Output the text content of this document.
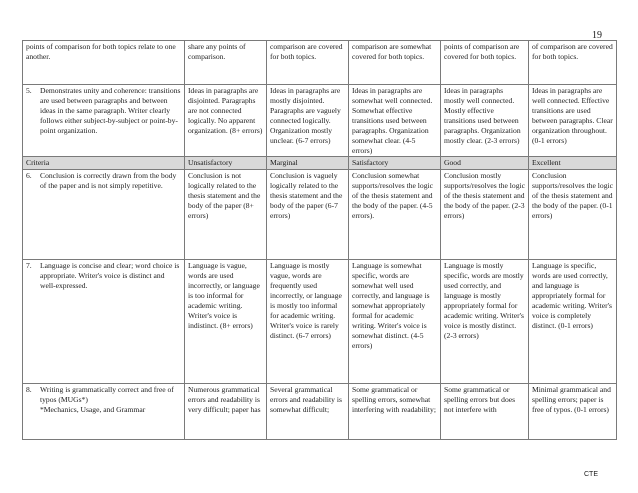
19
points of comparison for both topics relate to one another.	share any points of comparison.	comparison are covered for both topics.	comparison are somewhat covered for both topics.	points of comparison are covered for both topics.	of comparison are covered for both topics.

5. Demonstrates unity and coherence: transitions are used between paragraphs and between ideas in the same paragraph. Writer clearly follows either subject-by-subject or point-by-point organization.	Ideas in paragraphs are disjointed. Paragraphs are not connected logically. No apparent organization. (8+ errors)	Ideas in paragraphs are mostly disjointed. Paragraphs are vaguely connected logically. Organization mostly unclear. (6-7 errors)	Ideas in paragraphs are somewhat well connected. Somewhat effective transitions used between paragraphs. Organization somewhat clear. (4-5 errors)	Ideas in paragraphs mostly well connected. Mostly effective transitions used between paragraphs. Organization mostly clear. (2-3 errors)	Ideas in paragraphs are well connected. Effective transitions are used between paragraphs. Clear organization throughout. (0-1 errors)
Criteria	Unsatisfactory	Marginal	Satisfactory	Good	Excellent

6. Conclusion is correctly drawn from the body of the paper and is not simply repetitive.	Conclusion is not logically related to the thesis statement and the body of the paper (8+ errors)	Conclusion is vaguely logically related to the thesis statement and the body of the paper (6-7 errors)	Conclusion somewhat supports/resolves the logic of the thesis statement and the body of the paper. (4-5 errors).	Conclusion mostly supports/resolves the logic of the thesis statement and the body of the paper. (2-3 errors)	Conclusion supports/resolves the logic of the thesis statement and the body of the paper. (0-1 errors)

7. Language is concise and clear; word choice is appropriate. Writer's voice is distinct and well-expressed.	Language is vague, words are used incorrectly, or language is too informal for academic writing. Writer's voice is indistinct. (8+ errors)	Language is mostly vague, words are frequently used incorrectly, or language is mostly too informal for academic writing. Writer's voice is rarely distinct. (6-7 errors)	Language is somewhat specific, words are somewhat well used correctly, and language is somewhat appropriately formal for academic writing. Writer's voice is somewhat distinct. (4-5 errors)	Language is mostly specific, words are mostly used correctly, and language is mostly appropriately formal for academic writing. Writer's voice is mostly distinct. (2-3 errors)	Language is specific, words are used correctly, and language is appropriately formal for academic writing. Writer's voice is completely distinct. (0-1 errors)

8. Writing is grammatically correct and free of typos (MUGs*)
*Mechanics, Usage, and Grammar	Numerous grammatical errors and readability is very difficult; paper has	Several grammatical errors and readability is somewhat difficult;	Some grammatical or spelling errors, somewhat interfering with readability;	Some grammatical or spelling errors but does not interfere with	Minimal grammatical and spelling errors; paper is free of typos. (0-1 errors)
CTE
